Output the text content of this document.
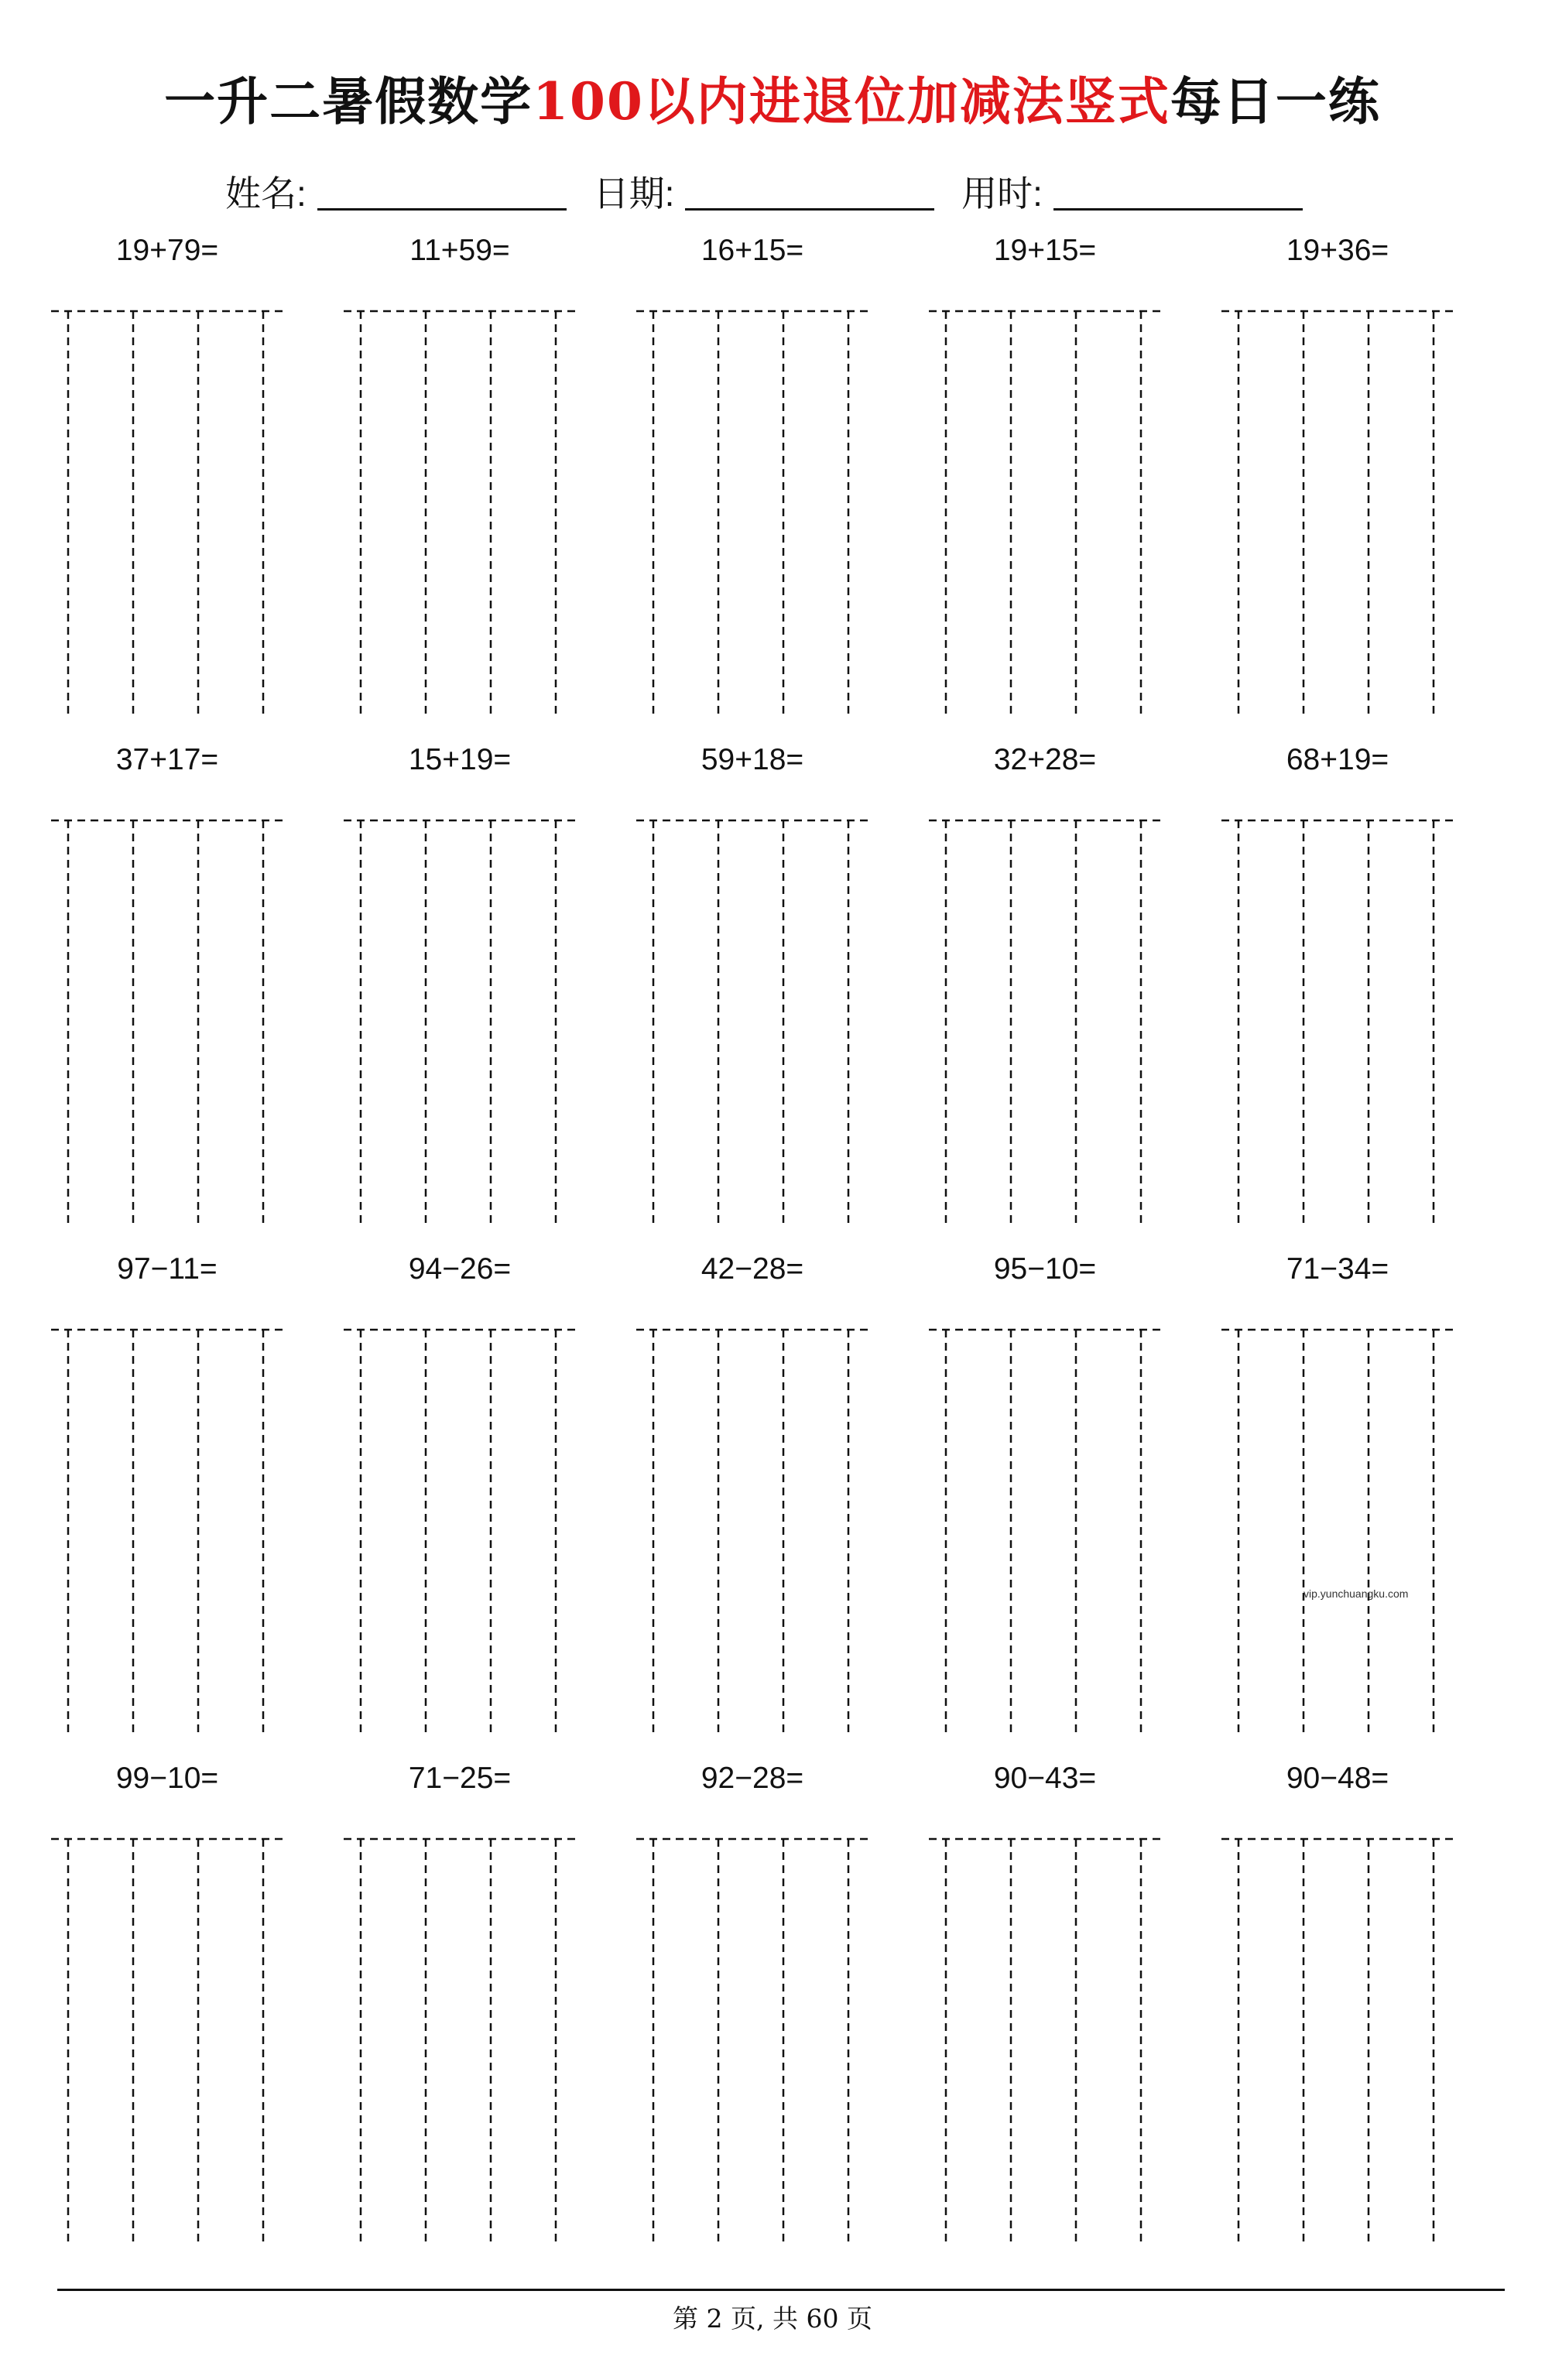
一升二暑假数学100以内进退位加减法竖式每日一练
姓名:	日期:	用时:
19+79=	11+59=	16+15=	19+15=	19+36=
37+17=	15+19=	59+18=	32+28=	68+19=
97−11=	94−26=	42−28=	95−10=	71−34=
99−10=	71−25=	92−28=	90−43=	90−48=
vip.yunchuangku.com
第 2 页, 共 60 页
